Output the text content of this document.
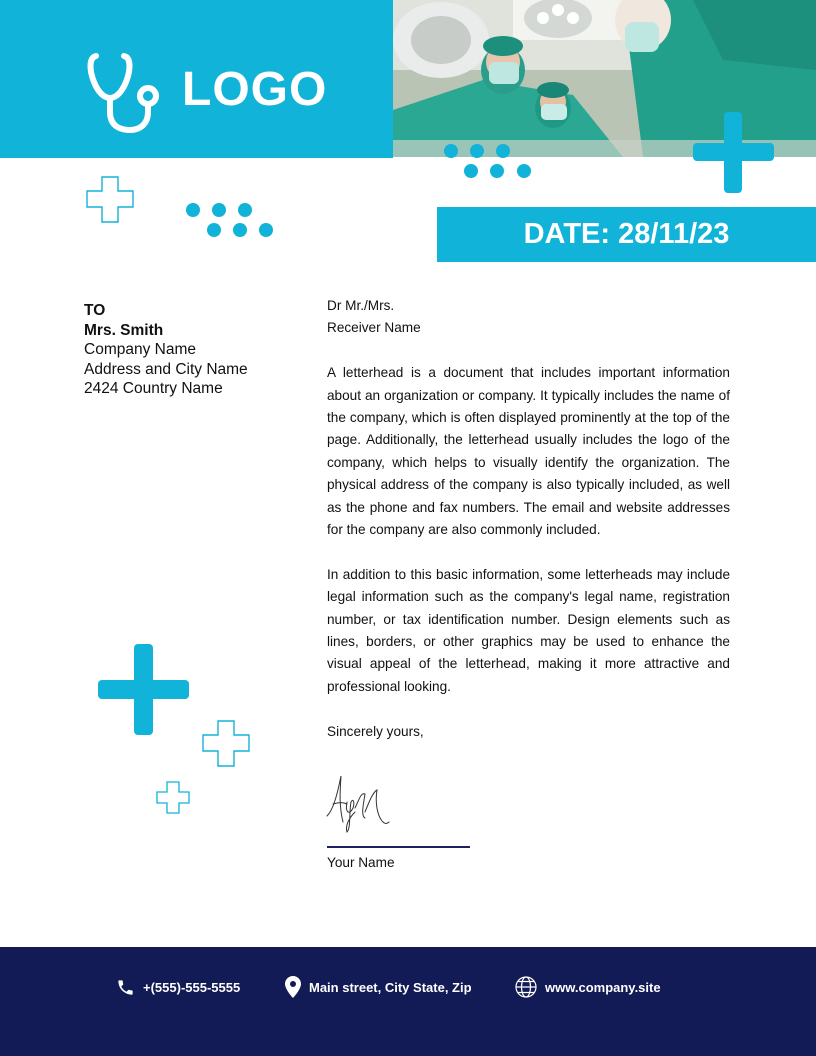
LOGO
DATE: 28/11/23
TO
Mrs. Smith
Company Name
Address and City Name
2424 Country Name

Dr Mr./Mrs.

Receiver Name

A letterhead is a document that includes important information about an organization or company. It typically includes the name of the company, which is often displayed prominently at the top of the page. Additionally, the letterhead usually includes the logo of the company, which helps to visually identify the organization. The physical address of the company is also typically included, as well as the phone and fax numbers. The email and website addresses for the company are also commonly included.

In addition to this basic information, some letterheads may include legal information such as the company's legal name, registration number, or tax identification number. Design elements such as lines, borders, or other graphics may be used to enhance the visual appeal of the letterhead, making it more attractive and professional looking.

Sincerely yours,

Your Name
+(555)-555-5555	Main street, City State, Zip	www.company.site
